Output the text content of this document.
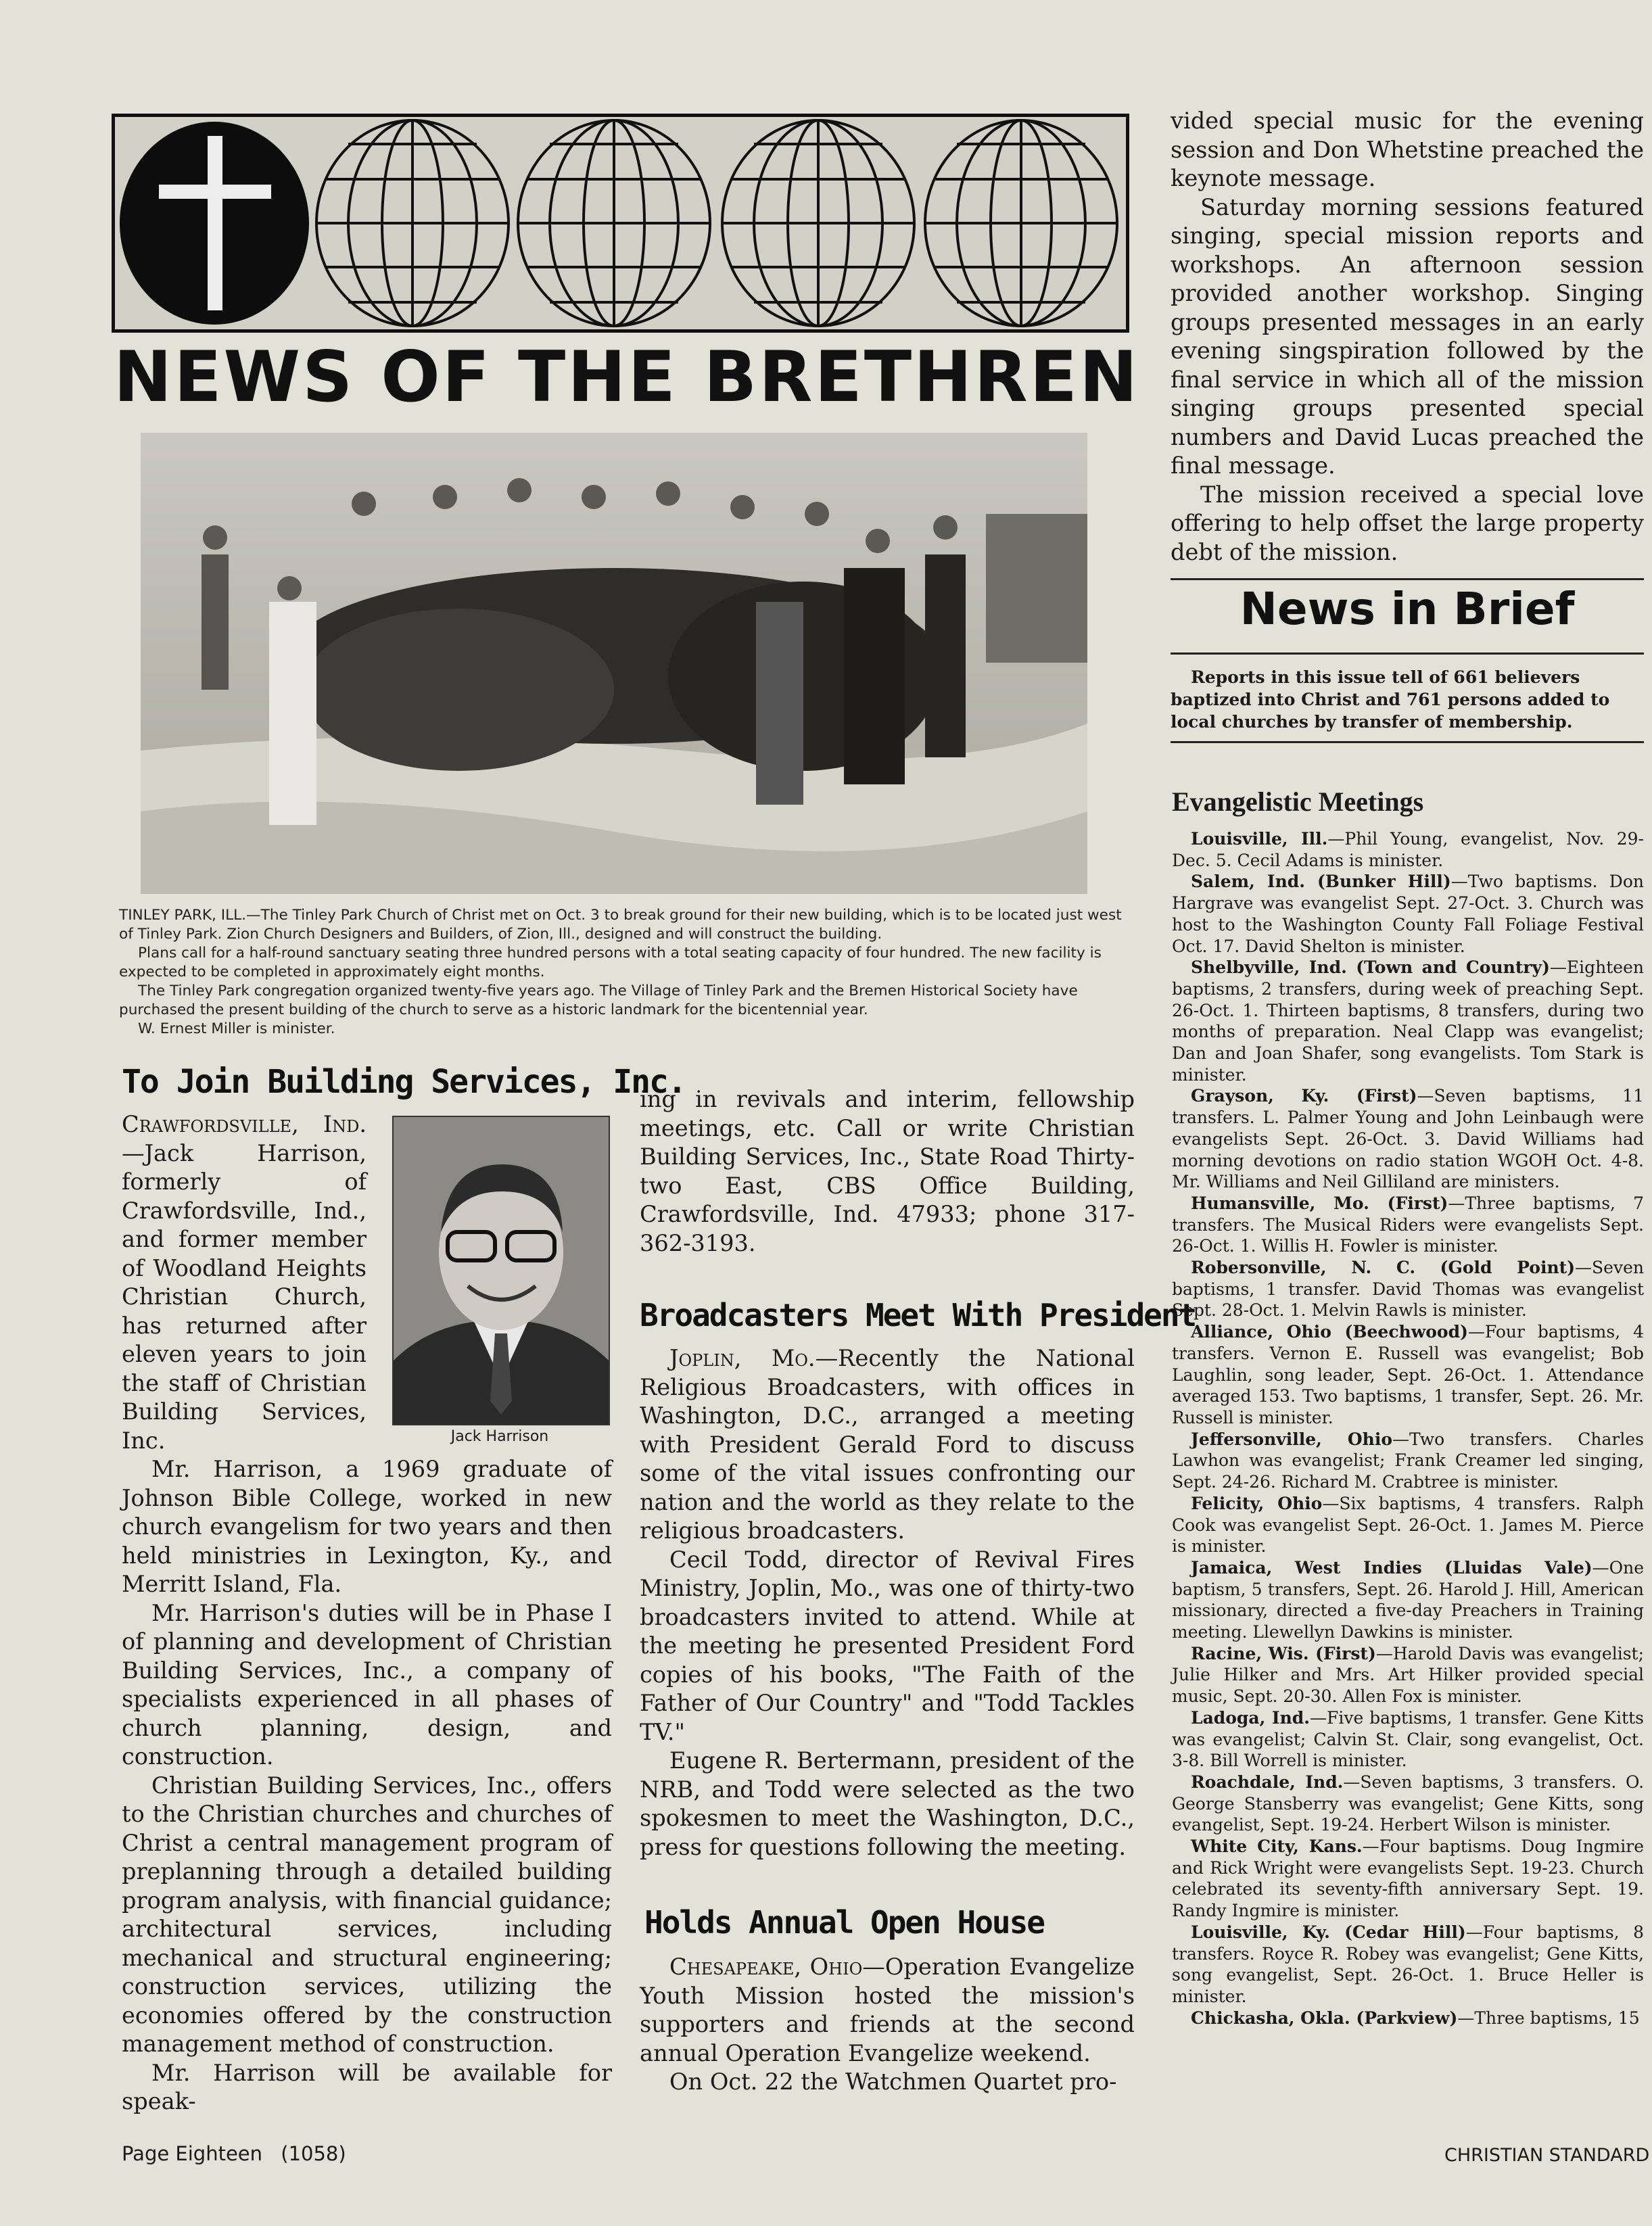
NEWS OF THE BRETHREN

TINLEY PARK, ILL.—The Tinley Park Church of Christ met on Oct. 3 to break ground for their new building, which is to be located just west of Tinley Park. Zion Church Designers and Builders, of Zion, Ill., designed and will construct the building.

Plans call for a half-round sanctuary seating three hundred persons with a total seating capacity of four hundred. The new facility is expected to be completed in approximately eight months.

The Tinley Park congregation organized twenty-five years ago. The Village of Tinley Park and the Bremen Historical Society have purchased the present building of the church to serve as a historic landmark for the bicentennial year.

W. Ernest Miller is minister.

To Join Building Services, Inc.
Jack Harrison

Crawfordsville, Ind.—Jack Harrison, formerly of Crawfordsville, Ind., and former member of Woodland Heights Christian Church, has returned after eleven years to join the staff of Christian Building Services, Inc.

Mr. Harrison, a 1969 graduate of Johnson Bible College, worked in new church evangelism for two years and then held ministries in Lexington, Ky., and Merritt Island, Fla.

Mr. Harrison's duties will be in Phase I of planning and development of Christian Building Services, Inc., a company of specialists experienced in all phases of church planning, design, and construction.

Christian Building Services, Inc., offers to the Christian churches and churches of Christ a central management program of preplanning through a detailed building program analysis, with financial guidance; architectural services, including mechanical and structural engineering; construction services, utilizing the economies offered by the construction management method of construction.

Mr. Harrison will be available for speak-

ing in revivals and interim, fellowship meetings, etc. Call or write Christian Building Services, Inc., State Road Thirty-two East, CBS Office Building, Crawfordsville, Ind. 47933; phone 317-362-3193.

Broadcasters Meet With President

Joplin, Mo.—Recently the National Religious Broadcasters, with offices in Washington, D.C., arranged a meeting with President Gerald Ford to discuss some of the vital issues confronting our nation and the world as they relate to the religious broadcasters.

Cecil Todd, director of Revival Fires Ministry, Joplin, Mo., was one of thirty-two broadcasters invited to attend. While at the meeting he presented President Ford copies of his books, "The Faith of the Father of Our Country" and "Todd Tackles TV."

Eugene R. Bertermann, president of the NRB, and Todd were selected as the two spokesmen to meet the Washington, D.C., press for questions following the meeting.

Holds Annual Open House

Chesapeake, Ohio—Operation Evangelize Youth Mission hosted the mission's supporters and friends at the second annual Operation Evangelize weekend.

On Oct. 22 the Watchmen Quartet pro-

vided special music for the evening session and Don Whetstine preached the keynote message.

Saturday morning sessions featured singing, special mission reports and workshops. An afternoon session provided another workshop. Singing groups presented messages in an early evening singspiration followed by the final service in which all of the mission singing groups presented special numbers and David Lucas preached the final message.

The mission received a special love offering to help offset the large property debt of the mission.

News in Brief
Reports in this issue tell of 661 believers baptized into Christ and 761 persons added to local churches by transfer of membership.
Evangelistic Meetings

Louisville, Ill.—Phil Young, evangelist, Nov. 29-Dec. 5. Cecil Adams is minister.

Salem, Ind. (Bunker Hill)—Two baptisms. Don Hargrave was evangelist Sept. 27-Oct. 3. Church was host to the Washington County Fall Foliage Festival Oct. 17. David Shelton is minister.

Shelbyville, Ind. (Town and Country)—Eighteen baptisms, 2 transfers, during week of preaching Sept. 26-Oct. 1. Thirteen baptisms, 8 transfers, during two months of preparation. Neal Clapp was evangelist; Dan and Joan Shafer, song evangelists. Tom Stark is minister.

Grayson, Ky. (First)—Seven baptisms, 11 transfers. L. Palmer Young and John Leinbaugh were evangelists Sept. 26-Oct. 3. David Williams had morning devotions on radio station WGOH Oct. 4-8. Mr. Williams and Neil Gilliland are ministers.

Humansville, Mo. (First)—Three baptisms, 7 transfers. The Musical Riders were evangelists Sept. 26-Oct. 1. Willis H. Fowler is minister.

Robersonville, N. C. (Gold Point)—Seven baptisms, 1 transfer. David Thomas was evangelist Sept. 28-Oct. 1. Melvin Rawls is minister.

Alliance, Ohio (Beechwood)—Four baptisms, 4 transfers. Vernon E. Russell was evangelist; Bob Laughlin, song leader, Sept. 26-Oct. 1. Attendance averaged 153. Two baptisms, 1 transfer, Sept. 26. Mr. Russell is minister.

Jeffersonville, Ohio—Two transfers. Charles Lawhon was evangelist; Frank Creamer led singing, Sept. 24-26. Richard M. Crabtree is minister.

Felicity, Ohio—Six baptisms, 4 transfers. Ralph Cook was evangelist Sept. 26-Oct. 1. James M. Pierce is minister.

Jamaica, West Indies (Lluidas Vale)—One baptism, 5 transfers, Sept. 26. Harold J. Hill, American missionary, directed a five-day Preachers in Training meeting. Llewellyn Dawkins is minister.

Racine, Wis. (First)—Harold Davis was evangelist; Julie Hilker and Mrs. Art Hilker provided special music, Sept. 20-30. Allen Fox is minister.

Ladoga, Ind.—Five baptisms, 1 transfer. Gene Kitts was evangelist; Calvin St. Clair, song evangelist, Oct. 3-8. Bill Worrell is minister.

Roachdale, Ind.—Seven baptisms, 3 transfers. O. George Stansberry was evangelist; Gene Kitts, song evangelist, Sept. 19-24. Herbert Wilson is minister.

White City, Kans.—Four baptisms. Doug Ingmire and Rick Wright were evangelists Sept. 19-23. Church celebrated its seventy-fifth anniversary Sept. 19. Randy Ingmire is minister.

Louisville, Ky. (Cedar Hill)—Four baptisms, 8 transfers. Royce R. Robey was evangelist; Gene Kitts, song evangelist, Sept. 26-Oct. 1. Bruce Heller is minister.

Chickasha, Okla. (Parkview)—Three baptisms, 15

Page Eighteen (1058)	CHRISTIAN STANDARD
